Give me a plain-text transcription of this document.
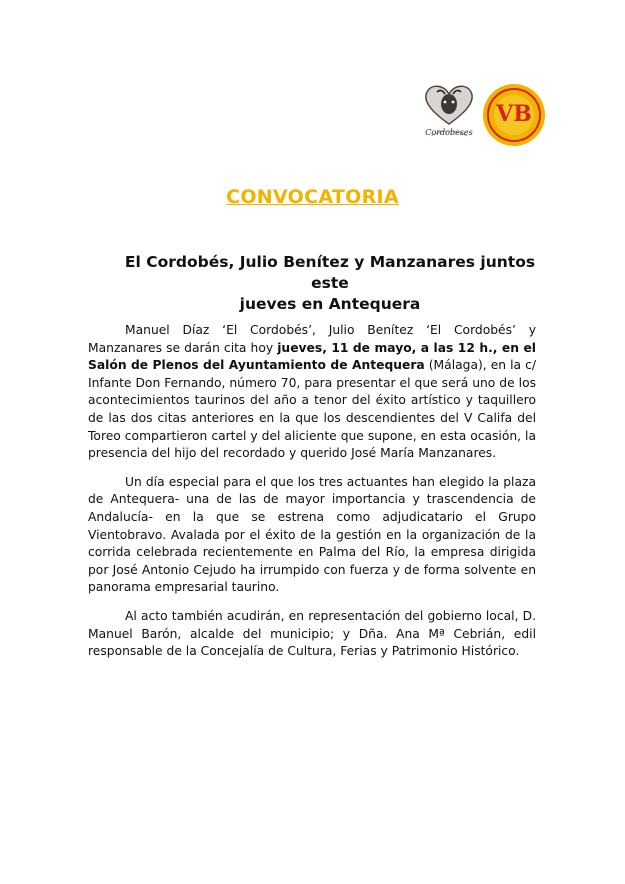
Cordobeses
VB
CONVOCATORIA
El Cordobés, Julio Benítez y Manzanares juntos
este
jueves en Antequera

Manuel Díaz ‘El Cordobés’, Julio Benítez ‘El Cordobés’ y Manzanares se darán cita hoy jueves, 11 de mayo, a las 12 h., en el Salón de Plenos del Ayuntamiento de Antequera (Málaga), en la c/ Infante Don Fernando, número 70, para presentar el que será uno de los acontecimientos taurinos del año a tenor del éxito artístico y taquillero de las dos citas anteriores en la que los descendientes del V Califa del Toreo compartieron cartel y del aliciente que supone, en esta ocasión, la presencia del hijo del recordado y querido José María Manzanares.

Un día especial para el que los tres actuantes han elegido la plaza de Antequera- una de las de mayor importancia y trascendencia de Andalucía- en la que se estrena como adjudicatario el Grupo Vientobravo. Avalada por el éxito de la gestión en la organización de la corrida celebrada recientemente en Palma del Río, la empresa dirigida por José Antonio Cejudo ha irrumpido con fuerza y de forma solvente en panorama empresarial taurino.

Al acto también acudirán, en representación del gobierno local, D. Manuel Barón, alcalde del municipio; y Dña. Ana Mª Cebrián, edil responsable de la Concejalía de Cultura, Ferias y Patrimonio Histórico.
